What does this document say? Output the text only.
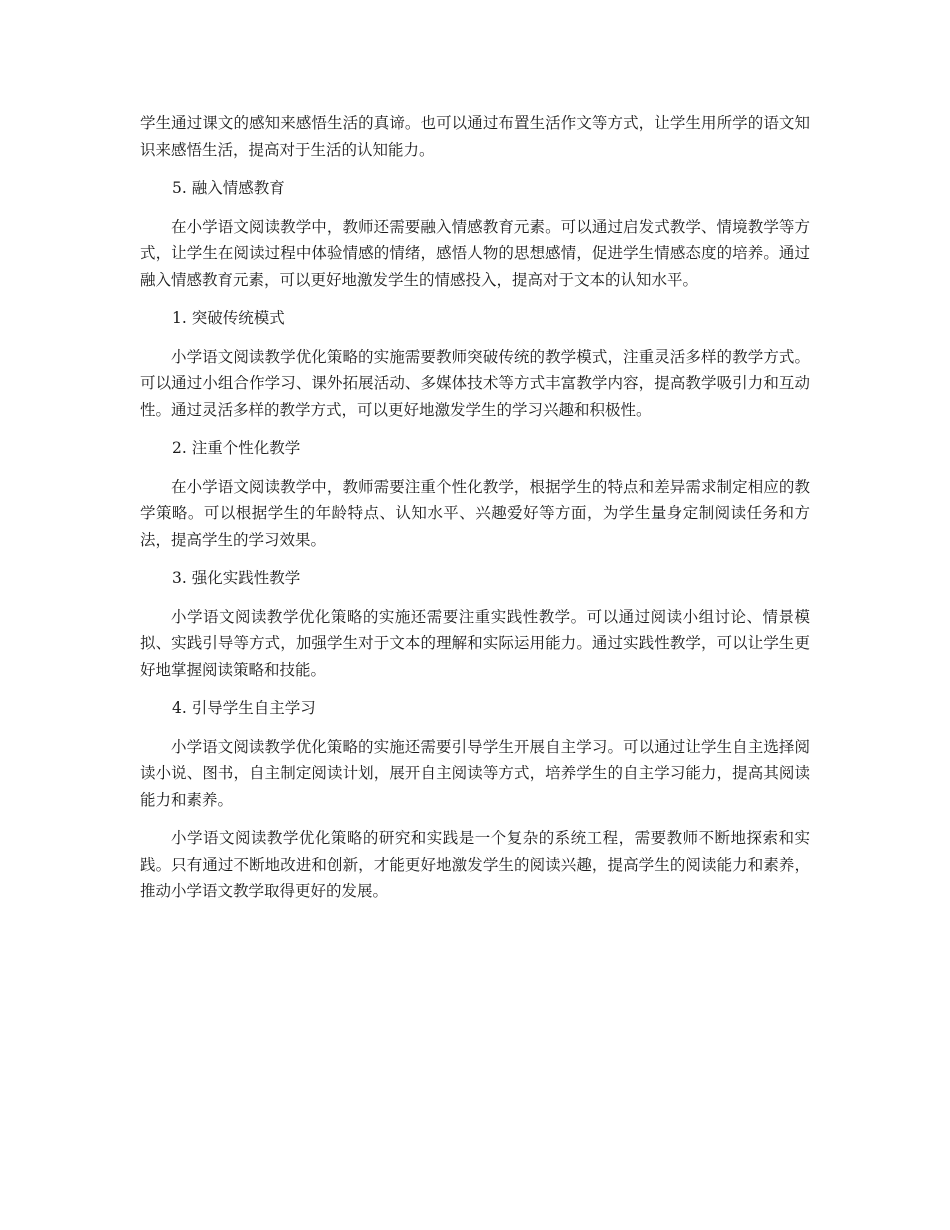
学生通过课文的感知来感悟生活的真谛。也可以通过布置生活作文等方式，让学生用所学的语文知识来感悟生活，提高对于生活的认知能力。

5. 融入情感教育

在小学语文阅读教学中，教师还需要融入情感教育元素。可以通过启发式教学、情境教学等方式，让学生在阅读过程中体验情感的情绪，感悟人物的思想感情，促进学生情感态度的培养。通过融入情感教育元素，可以更好地激发学生的情感投入，提高对于文本的认知水平。

1. 突破传统模式

小学语文阅读教学优化策略的实施需要教师突破传统的教学模式，注重灵活多样的教学方式。可以通过小组合作学习、课外拓展活动、多媒体技术等方式丰富教学内容，提高教学吸引力和互动性。通过灵活多样的教学方式，可以更好地激发学生的学习兴趣和积极性。

2. 注重个性化教学

在小学语文阅读教学中，教师需要注重个性化教学，根据学生的特点和差异需求制定相应的教学策略。可以根据学生的年龄特点、认知水平、兴趣爱好等方面，为学生量身定制阅读任务和方法，提高学生的学习效果。

3. 强化实践性教学

小学语文阅读教学优化策略的实施还需要注重实践性教学。可以通过阅读小组讨论、情景模拟、实践引导等方式，加强学生对于文本的理解和实际运用能力。通过实践性教学，可以让学生更好地掌握阅读策略和技能。

4. 引导学生自主学习

小学语文阅读教学优化策略的实施还需要引导学生开展自主学习。可以通过让学生自主选择阅读小说、图书，自主制定阅读计划，展开自主阅读等方式，培养学生的自主学习能力，提高其阅读能力和素养。

小学语文阅读教学优化策略的研究和实践是一个复杂的系统工程，需要教师不断地探索和实践。只有通过不断地改进和创新，才能更好地激发学生的阅读兴趣，提高学生的阅读能力和素养，推动小学语文教学取得更好的发展。
